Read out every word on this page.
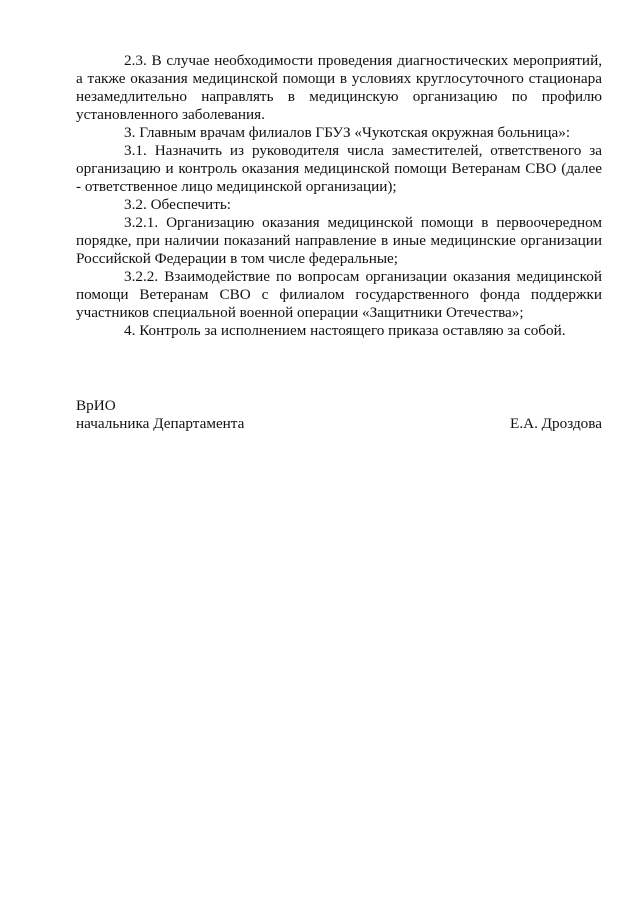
2.3. В случае необходимости проведения диагностических мероприятий, а также оказания медицинской помощи в условиях круглосуточного стационара незамедлительно направлять в медицинскую организацию по профилю установленного заболевания.

3. Главным врачам филиалов ГБУЗ «Чукотская окружная больница»:

3.1. Назначить из руководителя числа заместителей, ответственого за организацию и контроль оказания медицинской помощи Ветеранам СВО (далее - ответственное лицо медицинской организации);

3.2. Обеспечить:

3.2.1. Организацию оказания медицинской помощи в первоочередном порядке, при наличии показаний направление в иные медицинские организации Российской Федерации в том числе федеральные;

3.2.2. Взаимодействие по вопросам организации оказания медицинской помощи Ветеранам СВО с филиалом государственного фонда поддержки участников специальной военной операции «Защитники Отечества»;

4. Контроль за исполнением настоящего приказа оставляю за собой.

ВрИО
начальника Департамента	Е.А. Дроздова
